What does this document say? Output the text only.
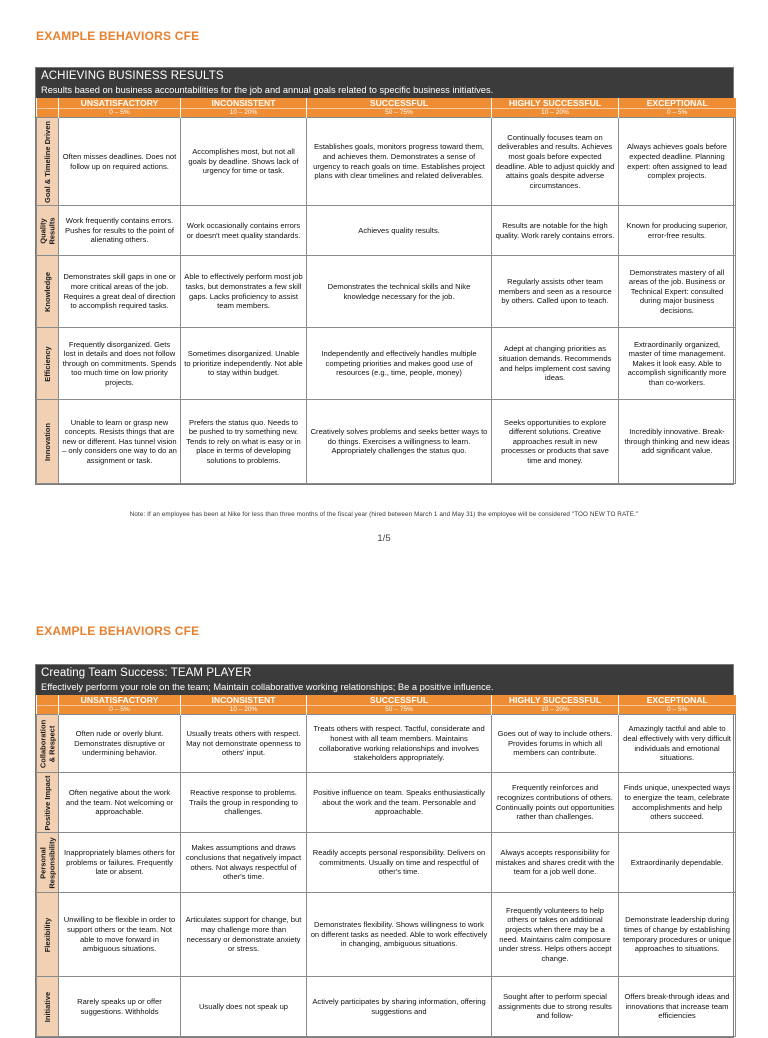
EXAMPLE BEHAVIORS CFE
ACHIEVING BUSINESS RESULTS
Results based on business accountabilities for the job and annual goals related to specific business initiatives.
	UNSATISFACTORY	INCONSISTENT	SUCCESSFUL	HIGHLY SUCCESSFUL	EXCEPTIONAL
	0 – 5%	10 – 20%	50 – 75%	10 – 20%	0 – 5%

Goal & Timeline Driven	Often misses deadlines. Does not follow up on required actions.	Accomplishes most, but not all goals by deadline. Shows lack of urgency for time or task.	Establishes goals, monitors progress toward them, and achieves them. Demonstrates a sense of urgency to reach goals on time. Establishes project plans with clear timelines and related deliverables.	Continually focuses team on deliverables and results. Achieves most goals before expected deadline. Able to adjust quickly and attains goals despite adverse circumstances.	Always achieves goals before expected deadline. Planning expert: often assigned to lead complex projects.

Quality Results	Work frequently contains errors. Pushes for results to the point of alienating others.	Work occasionally contains errors or doesn't meet quality standards.	Achieves quality results.	Results are notable for the high quality. Work rarely contains errors.	Known for producing superior, error-free results.

Knowledge	Demonstrates skill gaps in one or more critical areas of the job. Requires a great deal of direction to accomplish required tasks.	Able to effectively perform most job tasks, but demonstrates a few skill gaps. Lacks proficiency to assist team members.	Demonstrates the technical skills and Nike knowledge necessary for the job.	Regularly assists other team members and seen as a resource by others. Called upon to teach.	Demonstrates mastery of all areas of the job. Business or Technical Expert: consulted during major business decisions.

Efficiency	Frequently disorganized. Gets lost in details and does not follow through on commitments. Spends too much time on low priority projects.	Sometimes disorganized. Unable to prioritize independently. Not able to stay within budget.	Independently and effectively handles multiple competing priorities and makes good use of resources (e.g., time, people, money)	Adept at changing priorities as situation demands. Recommends and helps implement cost saving ideas.	Extraordinarily organized, master of time management. Makes it look easy. Able to accomplish significantly more than co-workers.

Innovation	Unable to learn or grasp new concepts. Resists things that are new or different. Has tunnel vision – only considers one way to do an assignment or task.	Prefers the status quo. Needs to be pushed to try something new. Tends to rely on what is easy or in place in terms of developing solutions to problems.	Creatively solves problems and seeks better ways to do things. Exercises a willingness to learn. Appropriately challenges the status quo.	Seeks opportunities to explore different solutions. Creative approaches result in new processes or products that save time and money.	Incredibly innovative. Break-through thinking and new ideas add significant value.
Note: If an employee has been at Nike for less than three months of the fiscal year (hired between March 1 and May 31) the employee will be considered "TOO NEW TO RATE."
1/5
EXAMPLE BEHAVIORS CFE
Creating Team Success: TEAM PLAYER
Effectively perform your role on the team; Maintain collaborative working relationships; Be a positive influence.
	UNSATISFACTORY	INCONSISTENT	SUCCESSFUL	HIGHLY SUCCESSFUL	EXCEPTIONAL
	0 – 5%	10 – 20%	50 – 75%	10 – 20%	0 – 5%

Collaboration & Respect	Often rude or overly blunt. Demonstrates disruptive or undermining behavior.	Usually treats others with respect. May not demonstrate openness to others' input.	Treats others with respect. Tactful, considerate and honest with all team members. Maintains collaborative working relationships and involves stakeholders appropriately.	Goes out of way to include others. Provides forums in which all members can contribute.	Amazingly tactful and able to deal effectively with very difficult individuals and emotional situations.

Positive Impact	Often negative about the work and the team. Not welcoming or approachable.	Reactive response to problems. Trails the group in responding to challenges.	Positive influence on team. Speaks enthusiastically about the work and the team. Personable and approachable.	Frequently reinforces and recognizes contributions of others. Continually points out opportunities rather than challenges.	Finds unique, unexpected ways to energize the team, celebrate accomplishments and help others succeed.

Personal Responsibility	Inappropriately blames others for problems or failures. Frequently late or absent.	Makes assumptions and draws conclusions that negatively impact others. Not always respectful of other's time.	Readily accepts personal responsibility. Delivers on commitments. Usually on time and respectful of other's time.	Always accepts responsibility for mistakes and shares credit with the team for a job well done.	Extraordinarily dependable.

Flexibility	Unwilling to be flexible in order to support others or the team. Not able to move forward in ambiguous situations.	Articulates support for change, but may challenge more than necessary or demonstrate anxiety or stress.	Demonstrates flexibility. Shows willingness to work on different tasks as needed. Able to work effectively in changing, ambiguous situations.	Frequently volunteers to help others or takes on additional projects when there may be a need. Maintains calm composure under stress. Helps others accept change.	Demonstrate leadership during times of change by establishing temporary procedures or unique approaches to situations.

Initiative	Rarely speaks up or offer suggestions. Withholds	Usually does not speak up	Actively participates by sharing information, offering suggestions and	Sought after to perform special assignments due to strong results and follow-	Offers break-through ideas and innovations that increase team efficiencies
